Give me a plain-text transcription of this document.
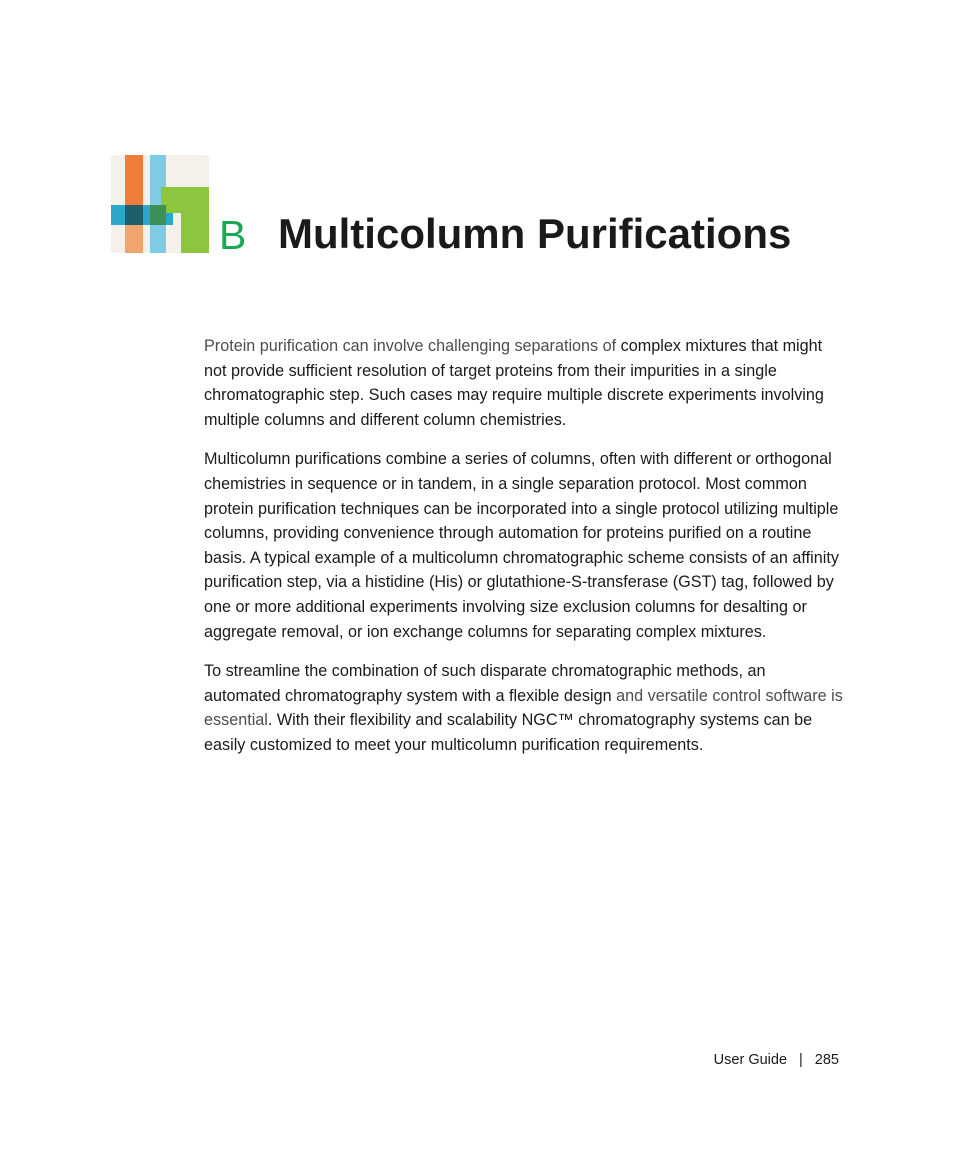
B Multicolumn Purifications

Protein purification can involve challenging separations of complex mixtures that might not provide sufficient resolution of target proteins from their impurities in a single chromatographic step. Such cases may require multiple discrete experiments involving multiple columns and different column chemistries.

Multicolumn purifications combine a series of columns, often with different or orthogonal chemistries in sequence or in tandem, in a single separation protocol. Most common protein purification techniques can be incorporated into a single protocol utilizing multiple columns, providing convenience through automation for proteins purified on a routine basis. A typical example of a multicolumn chromatographic scheme consists of an affinity purification step, via a histidine (His) or glutathione-S-transferase (GST) tag, followed by one or more additional experiments involving size exclusion columns for desalting or aggregate removal, or ion exchange columns for separating complex mixtures.

To streamline the combination of such disparate chromatographic methods, an automated chromatography system with a flexible design and versatile control software is essential. With their flexibility and scalability NGC™ chromatography systems can be easily customized to meet your multicolumn purification requirements.

User Guide | 285
